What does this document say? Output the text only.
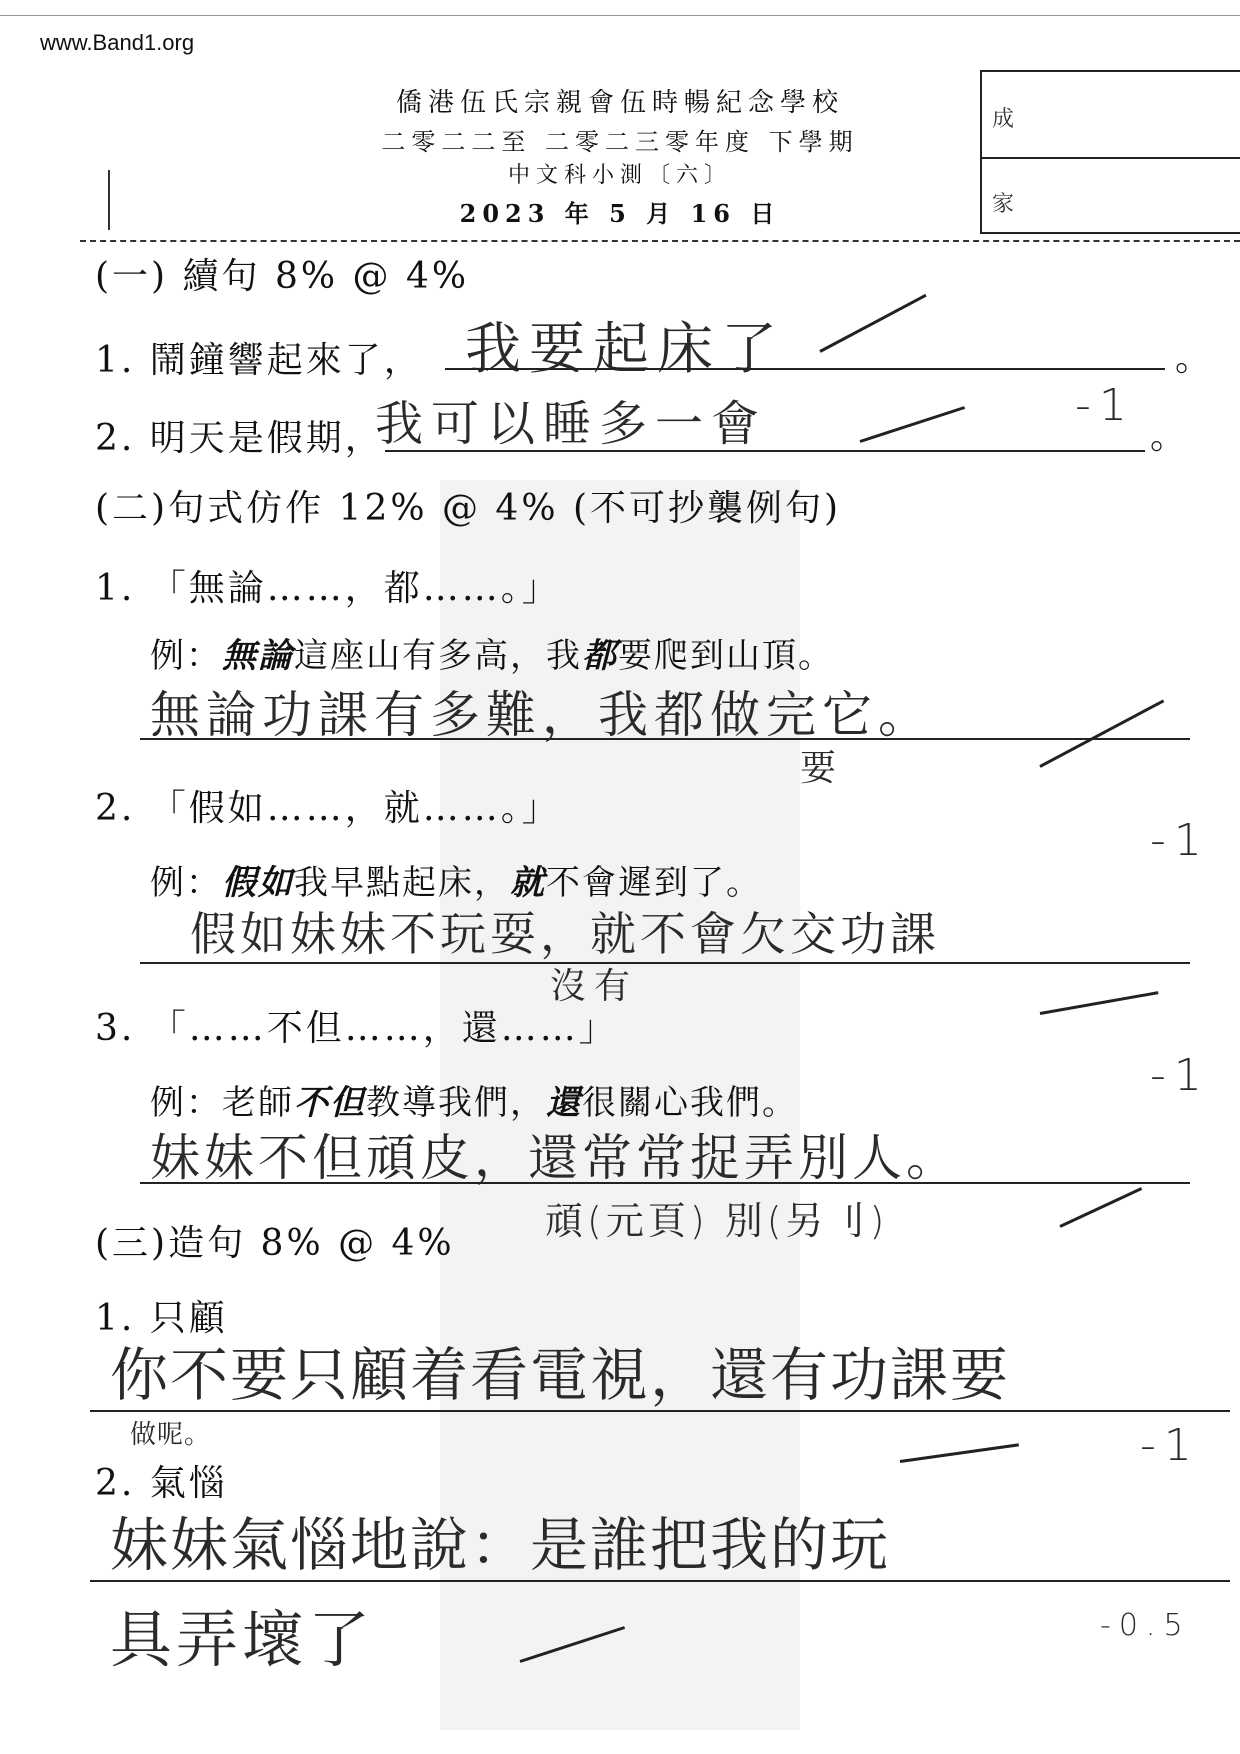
www.Band1.org
僑港伍氏宗親會伍時暢紀念學校
二零二二至 二零二三零年度 下學期
中文科小測〔六〕
2023 年 5 月 16 日
成
家
(一) 續句 8% @ 4%
1. 鬧鐘響起來了， 我要起床了	。
2. 明天是假期，
我可以睡多一會	。
-1
(二)句式仿作 12% @ 4% (不可抄襲例句)
1. 「無論……，都……。」
例：無論這座山有多高，我都要爬到山頂。
無論功課有多難，我都做完它。
要
2. 「假如……，就……。」
例：假如我早點起床，就不會遲到了。
假如妹妹不玩耍，就不會欠交功課
沒有
-1
3. 「……不但……，還……」
例：老師不但教導我們，還很關心我們。
妹妹不但頑皮，還常常捉弄別人。
頑(元頁) 別(另刂)
-1
(三)造句 8% @ 4%
1. 只顧
你不要只顧着看電視，還有功課要
做呢。	-1
2. 氣惱
妹妹氣惱地說：是誰把我的玩
具弄壞了	-0.5
